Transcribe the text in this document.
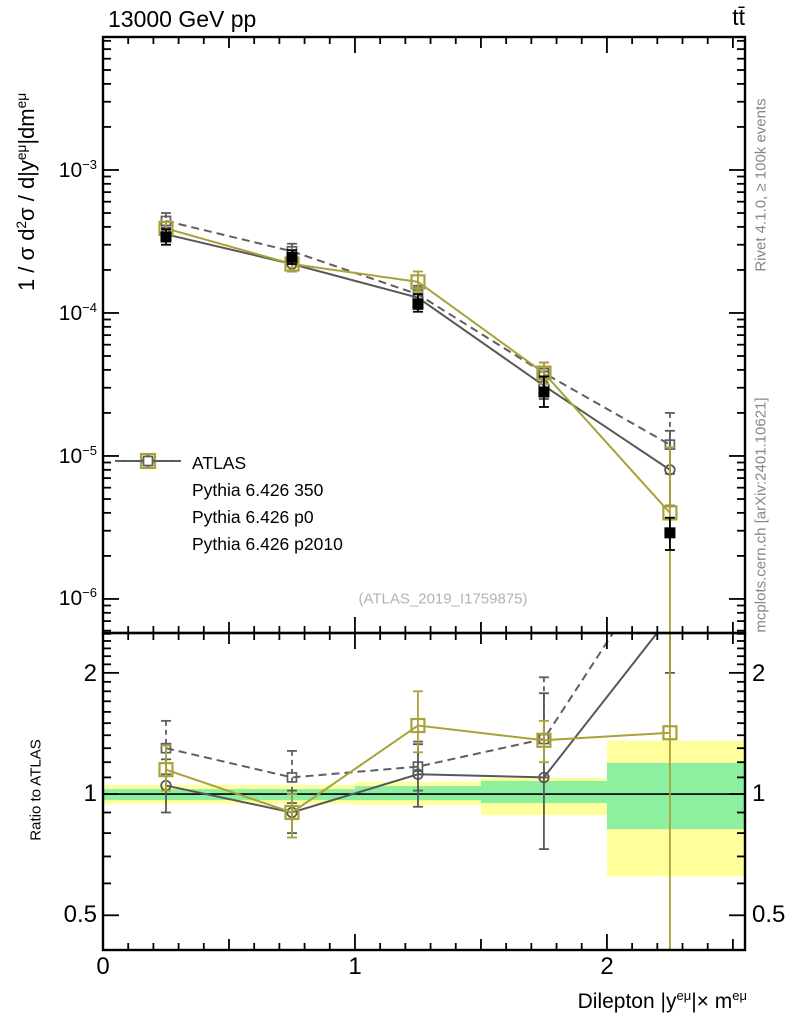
13000 GeV pp	tt̄
1 / σ $d^2\sigma / d|y^{e\mu}|dm^{e\mu}$
Ratio to ATLAS
Rivet 4.1.0, ≥ 100k events
mcplots.cern.ch [arXiv:2401.10621]
(ATLAS_2019_I1759875)
$10^{-3}$
$10^{-4}$
$10^{-5}$
$10^{-6}$
2
1
0.5
2
1
0.5
0	1	2
Dilepton $|y^{e\mu}|\times m^{e\mu}$
ATLAS
Pythia 6.426 350
Pythia 6.426 p0
Pythia 6.426 p2010
